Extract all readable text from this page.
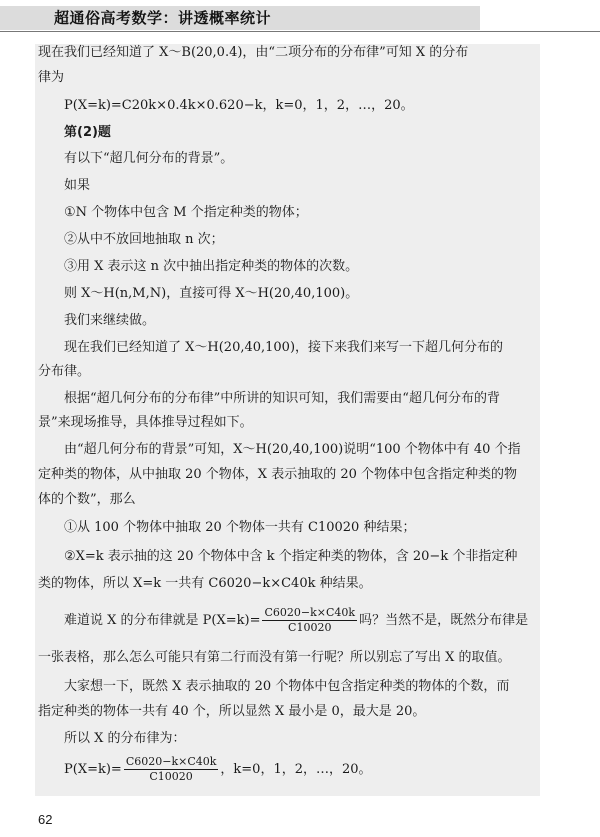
超通俗高考数学：讲透概率统计
现在我们已经知道了 X～B(20,0.4)，由“二项分布的分布律”可知 X 的分布
律为
P(X=k)=C20k×0.4k×0.620−k，k=0，1，2，…，20。
第(2)题
有以下“超几何分布的背景”。
如果
①N 个物体中包含 M 个指定种类的物体；
②从中不放回地抽取 n 次；
③用 X 表示这 n 次中抽出指定种类的物体的次数。
则 X～H(n,M,N)，直接可得 X～H(20,40,100)。
我们来继续做。
现在我们已经知道了 X～H(20,40,100)，接下来我们来写一下超几何分布的
分布律。
根据“超几何分布的分布律”中所讲的知识可知，我们需要由“超几何分布的背
景”来现场推导，具体推导过程如下。
由“超几何分布的背景”可知，X～H(20,40,100)说明“100 个物体中有 40 个指
定种类的物体，从中抽取 20 个物体，X 表示抽取的 20 个物体中包含指定种类的物
体的个数”，那么
①从 100 个物体中抽取 20 个物体一共有 C10020 种结果；
②X=k 表示抽的这 20 个物体中含 k 个指定种类的物体，含 20−k 个非指定种
类的物体，所以 X=k 一共有 C6020−k×C40k 种结果。
难道说 X 的分布律就是 $P(X=k)= \frac{C6020-k\times C40k}{C10020}$ 吗？当然不是，既然分布律是
一张表格，那么怎么可能只有第二行而没有第一行呢？所以别忘了写出 X 的取值。
大家想一下，既然 X 表示抽取的 20 个物体中包含指定种类的物体的个数，而
指定种类的物体一共有 40 个，所以显然 X 最小是 0，最大是 20。
所以 X 的分布律为：
$P(X=k)= \frac{C6020-k\times C40k}{C10020}$ ，k=0，1，2，…，20。
62
